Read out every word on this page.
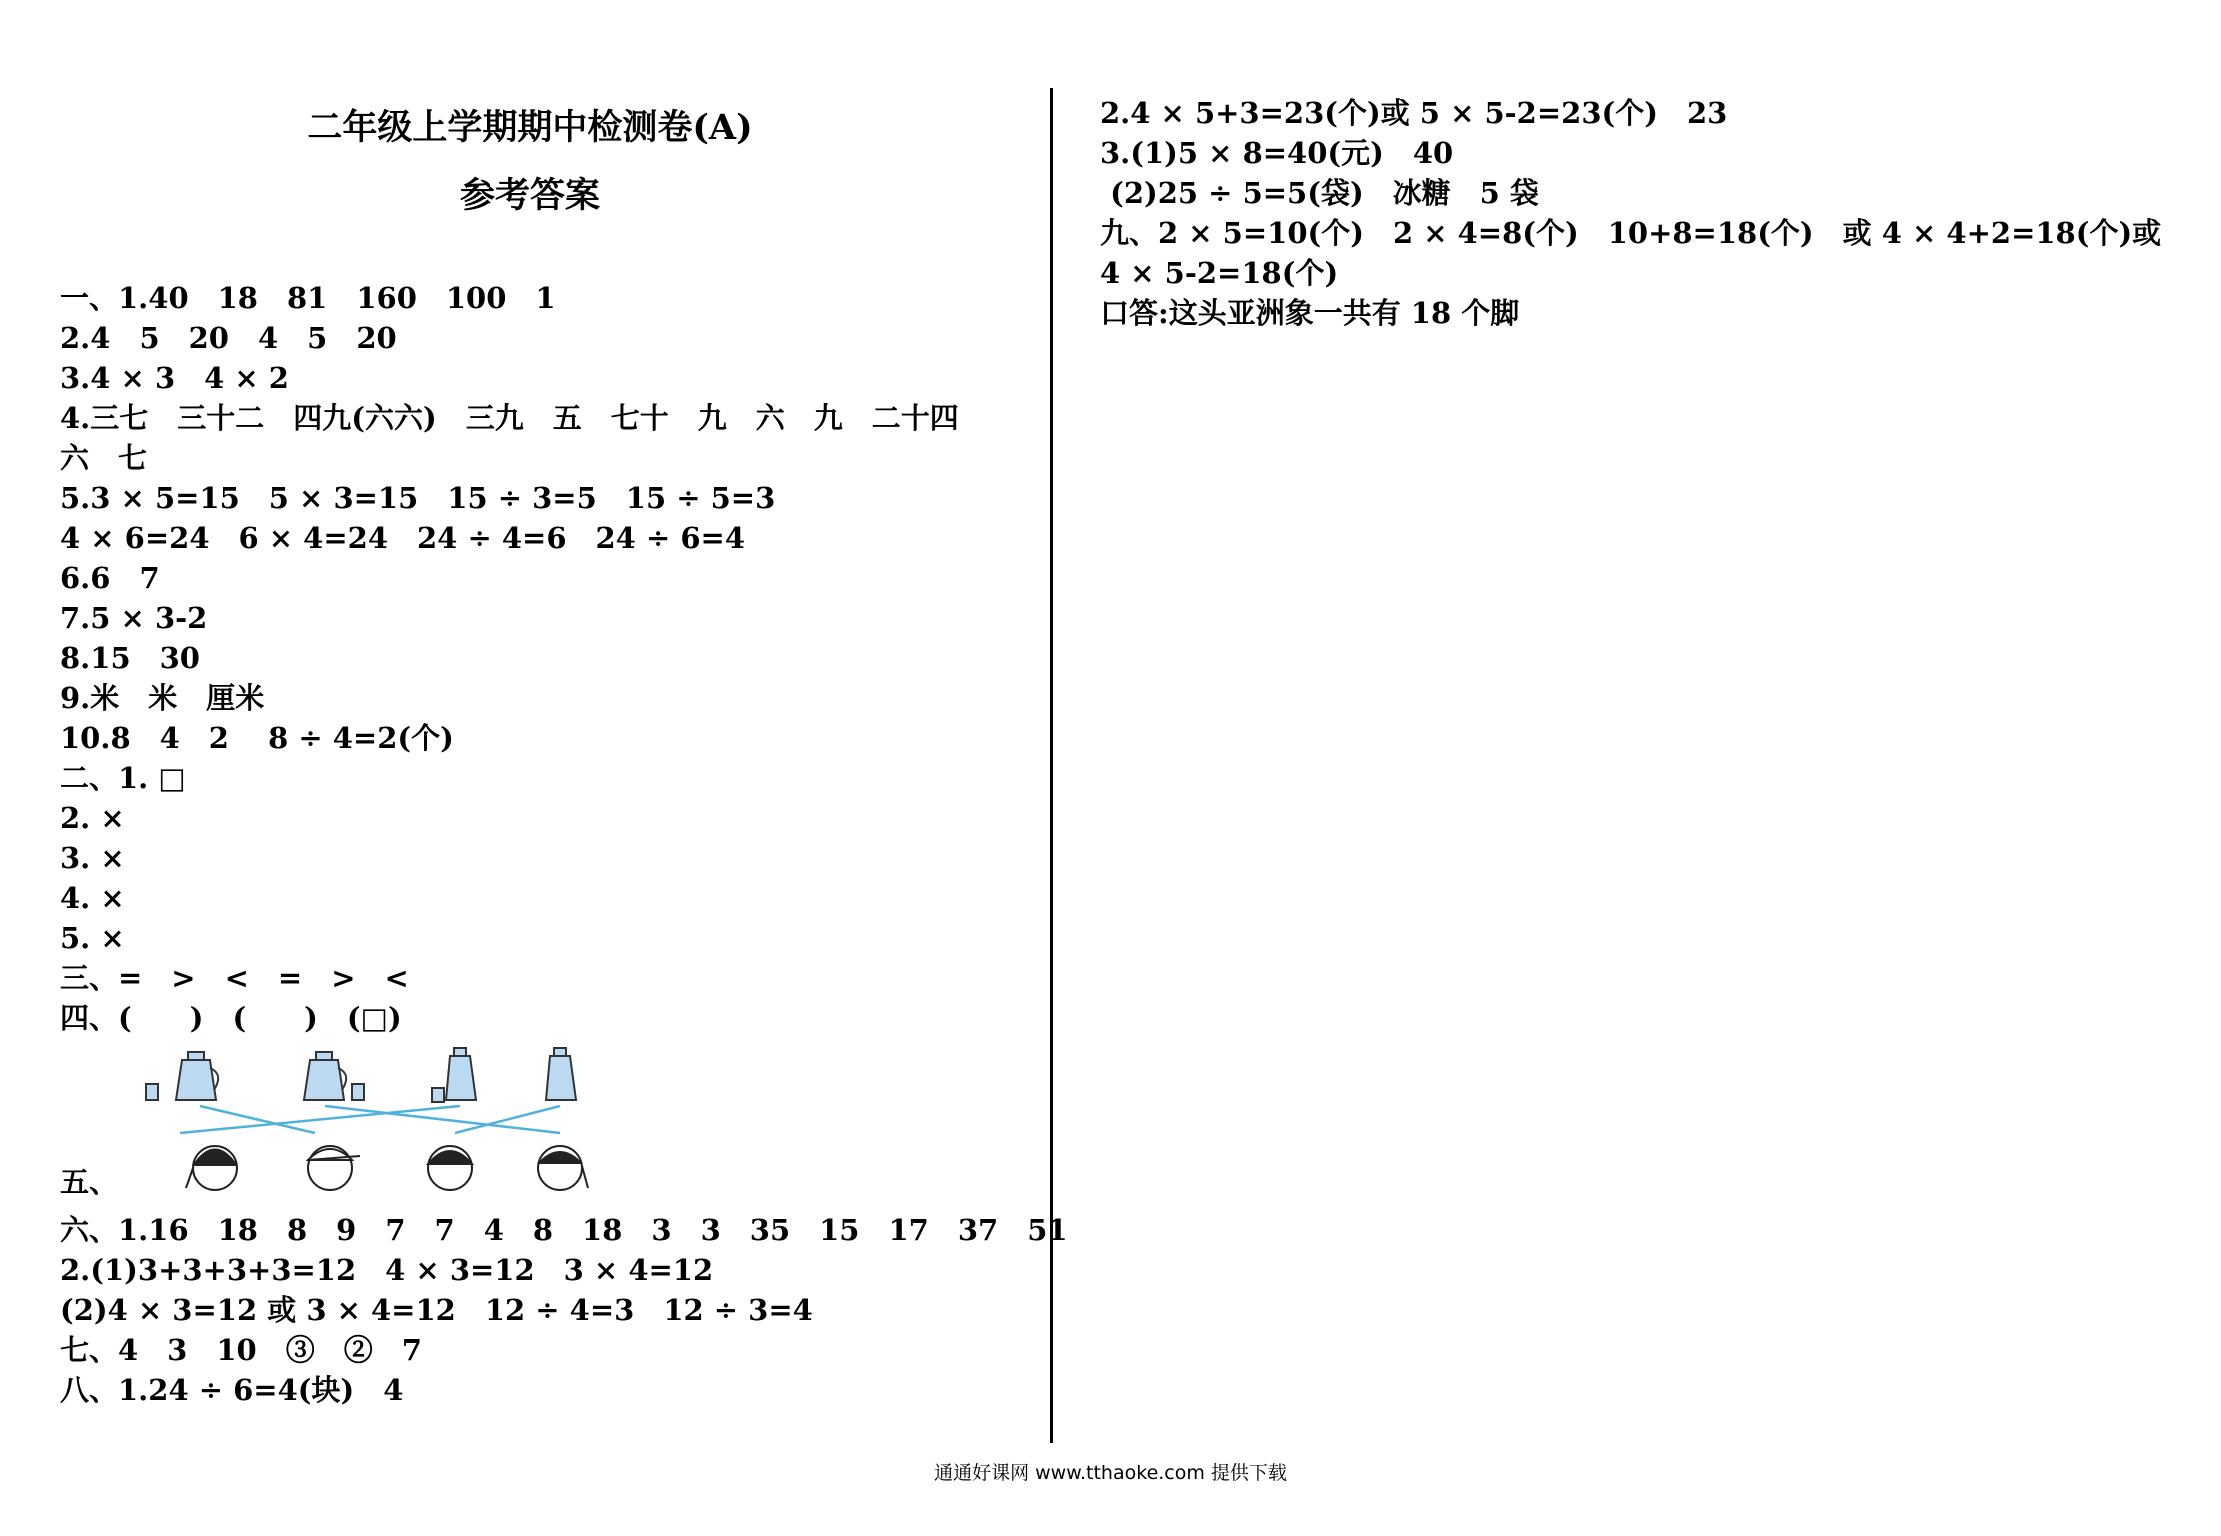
二年级上学期期中检测卷(A)
参考答案
一、1.40　18　81　160　100　1
2.4　5　20　4　5　20
3.4 × 3　4 × 2
4.三七　三十二　四九(六六)　三九　五　七十　九　六　九　二十四
六　七
5.3 × 5=15　5 × 3=15　15 ÷ 3=5　15 ÷ 5=3
4 × 6=24　6 × 4=24　24 ÷ 4=6　24 ÷ 6=4
6.6　7
7.5 × 3-2
8.15　30
9.米　米　厘米
10.8　4　2　 8 ÷ 4=2(个)
二、1. □
2. ×
3. ×
4. ×
5. ×
三、=　>　<　=　>　<
四、(　　)　(　　)　(□)
五、
六、1.16　18　8　9　7　7　4　8　18　3　3　35　15　17　37　51
2.(1)3+3+3+3=12　4 × 3=12　3 × 4=12
(2)4 × 3=12 或 3 × 4=12　12 ÷ 4=3　12 ÷ 3=4
七、4　3　10　③　②　7
八、1.24 ÷ 6=4(块)　4
2.4 × 5+3=23(个)或 5 × 5-2=23(个)　23
3.(1)5 × 8=40(元)　40
(2)25 ÷ 5=5(袋)　冰糖　5 袋
九、2 × 5=10(个)　2 × 4=8(个)　10+8=18(个)　或 4 × 4+2=18(个)或
4 × 5-2=18(个)
口答:这头亚洲象一共有 18 个脚
通通好课网 www.tthaoke.com 提供下载
